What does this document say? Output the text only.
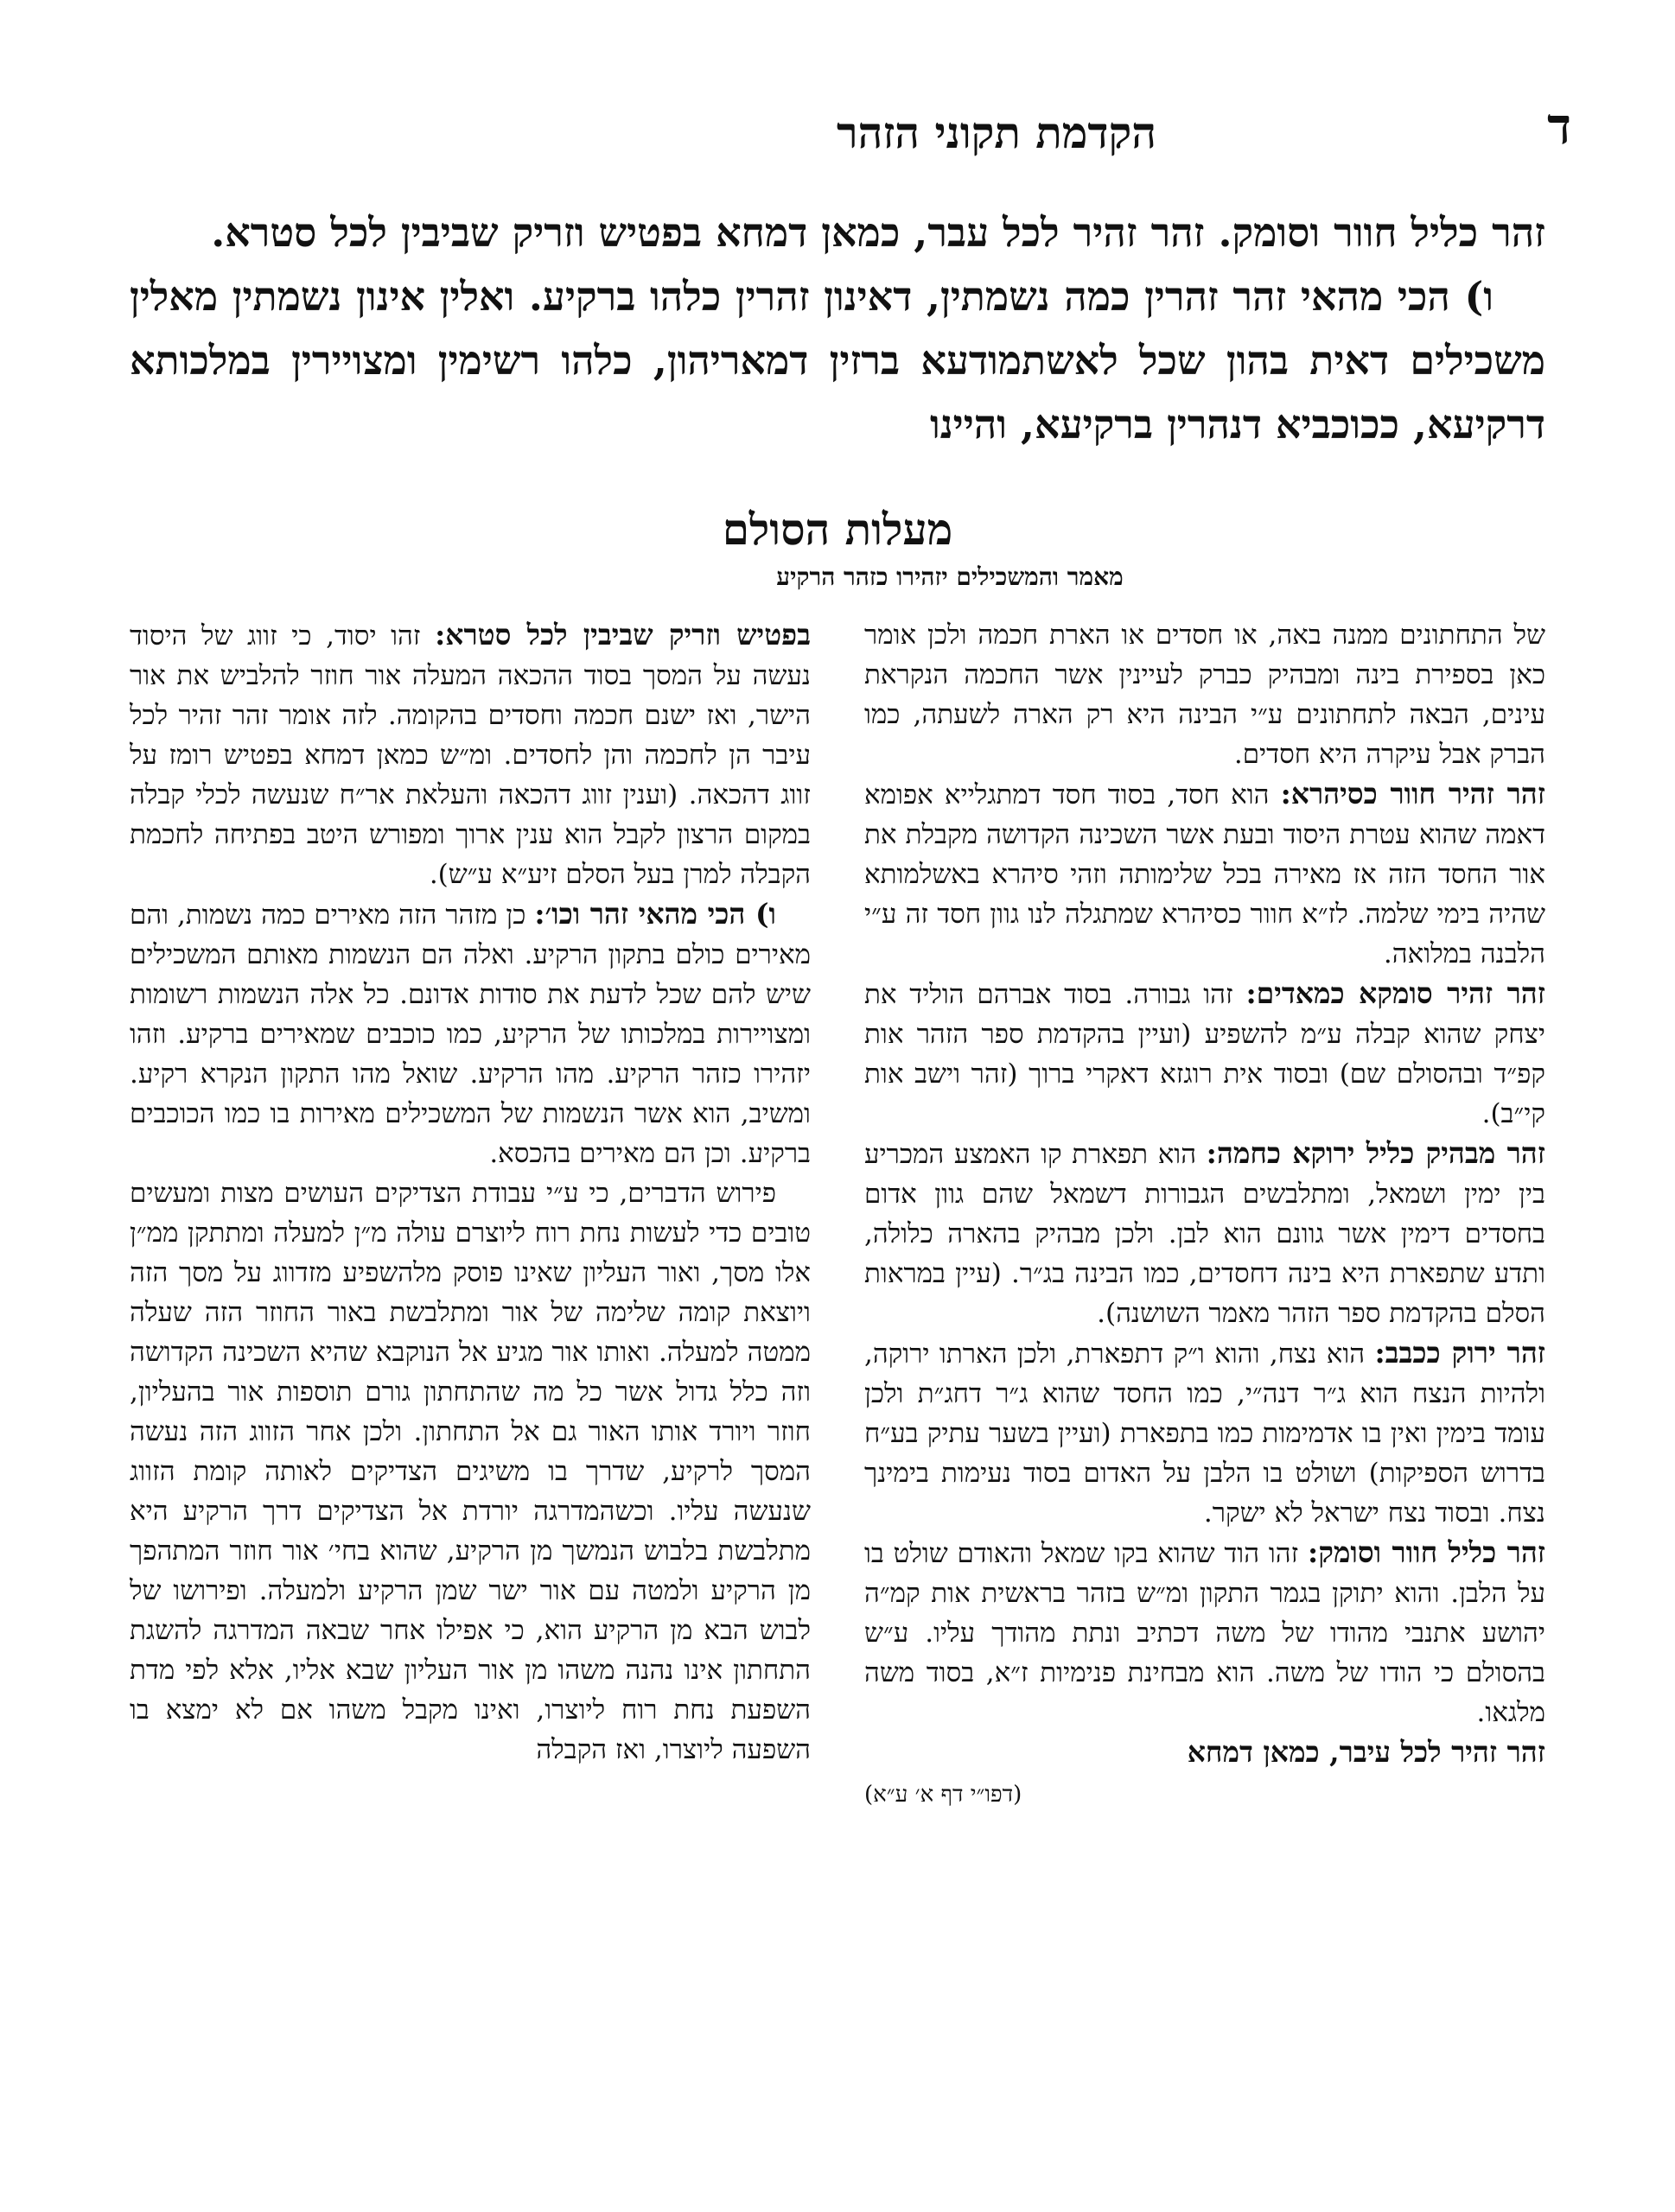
ד
הקדמת תקוני הזהר

זהר כליל חוור וסומק. זהר זהיר לכל עבר, כמאן דמחא בפטיש וזריק שביבין לכל סטרא.

ו) הכי מהאי זהר זהרין כמה נשמתין, דאינון זהרין כלהו ברקיע. ואלין אינון נשמתין מאלין משכילים דאית בהון שכל לאשתמודעא ברזין דמאריהון, כלהו רשימין ומצויירין במלכותא דרקיעא, ככוכביא דנהרין ברקיעא, והיינו

מעלות הסולם
מאמר והמשכילים יזהירו כזהר הרקיע

של התחתונים ממנה באה, או חסדים או הארת חכמה ולכן אומר כאן בספירת בינה ומבהיק כברק לעיינין אשר החכמה הנקראת עינים, הבאה לתחתונים ע״י הבינה היא רק הארה לשעתה, כמו הברק אבל עיקרה היא חסדים.

זהר זהיר חוור כסיהרא: הוא חסד, בסוד חסד דמתגלייא אפומא דאמה שהוא עטרת היסוד ובעת אשר השכינה הקדושה מקבלת את אור החסד הזה אז מאירה בכל שלימותה וזהי סיהרא באשלמותא שהיה בימי שלמה. לז״א חוור כסיהרא שמתגלה לנו גוון חסד זה ע״י הלבנה במלואה.

זהר זהיר סומקא כמאדים: זהו גבורה. בסוד אברהם הוליד את יצחק שהוא קבלה ע״מ להשפיע (ועיין בהקדמת ספר הזהר אות קפ״ד ובהסולם שם) ובסוד אית רוגזא דאקרי ברוך (זהר וישב אות קי״ב).

זהר מבהיק כליל ירוקא כחמה: הוא תפארת קו האמצע המכריע בין ימין ושמאל, ומתלבשים הגבורות דשמאל שהם גוון אדום בחסדים דימין אשר גוונם הוא לבן. ולכן מבהיק בהארה כלולה, ותדע שתפארת היא בינה דחסדים, כמו הבינה בג״ר. (עיין במראות הסלם בהקדמת ספר הזהר מאמר השושנה).

זהר ירוק ככבב: הוא נצח, והוא ו״ק דתפארת, ולכן הארתו ירוקה, ולהיות הנצח הוא ג״ר דנה״י, כמו החסד שהוא ג״ר דחג״ת ולכן עומד בימין ואין בו אדמימות כמו בתפארת (ועיין בשער עתיק בע״ח בדרוש הספיקות) ושולט בו הלבן על האדום בסוד נעימות בימינך נצח. ובסוד נצח ישראל לא ישקר.

זהר כליל חוור וסומק: זהו הוד שהוא בקו שמאל והאודם שולט בו על הלבן. והוא יתוקן בגמר התקון ומ״ש בזהר בראשית אות קמ״ה יהושע אתנבי מהודו של משה דכתיב ונתת מהודך עליו. ע״ש בהסולם כי הודו של משה. הוא מבחינת פנימיות ז״א, בסוד משה מלגאו.

זהר זהיר לכל עיבר, כמאן דמחא

(דפו״י דף א׳ ע״א)

בפטיש וזריק שביבין לכל סטרא: זהו יסוד, כי זווג של היסוד נעשה על המסך בסוד ההכאה המעלה אור חוזר להלביש את אור הישר, ואז ישנם חכמה וחסדים בהקומה. לזה אומר זהר זהיר לכל עיבר הן לחכמה והן לחסדים. ומ״ש כמאן דמחא בפטיש רומז על זווג דהכאה. (וענין זווג דהכאה והעלאת אר״ח שנעשה לכלי קבלה במקום הרצון לקבל הוא ענין ארוך ומפורש היטב בפתיחה לחכמת הקבלה למרן בעל הסלם זיע״א ע״ש).

ו) הכי מהאי זהר וכו׳: כן מזהר הזה מאירים כמה נשמות, והם מאירים כולם בתקון הרקיע. ואלה הם הנשמות מאותם המשכילים שיש להם שכל לדעת את סודות אדונם. כל אלה הנשמות רשומות ומצויירות במלכותו של הרקיע, כמו כוכבים שמאירים ברקיע. וזהו יזהירו כזהר הרקיע. מהו הרקיע. שואל מהו התקון הנקרא רקיע. ומשיב, הוא אשר הנשמות של המשכילים מאירות בו כמו הכוכבים ברקיע. וכן הם מאירים בהכסא.

פירוש הדברים, כי ע״י עבודת הצדיקים העושים מצות ומעשים טובים כדי לעשות נחת רוח ליוצרם עולה מ״ן למעלה ומתתקן ממ״ן אלו מסך, ואור העליון שאינו פוסק מלהשפיע מזדווג על מסך הזה ויוצאת קומה שלימה של אור ומתלבשת באור החוזר הזה שעלה ממטה למעלה. ואותו אור מגיע אל הנוקבא שהיא השכינה הקדושה וזה כלל גדול אשר כל מה שהתחתון גורם תוספות אור בהעליון, חוזר ויורד אותו האור גם אל התחתון. ולכן אחר הזווג הזה נעשה המסך לרקיע, שדרך בו משיגים הצדיקים לאותה קומת הזווג שנעשה עליו. וכשהמדרגה יורדת אל הצדיקים דרך הרקיע היא מתלבשת בלבוש הנמשך מן הרקיע, שהוא בחי׳ אור חוזר המתהפך מן הרקיע ולמטה עם אור ישר שמן הרקיע ולמעלה. ופירושו של לבוש הבא מן הרקיע הוא, כי אפילו אחר שבאה המדרגה להשגת התחתון אינו נהנה משהו מן אור העליון שבא אליו, אלא לפי מדת השפעת נחת רוח ליוצרו, ואינו מקבל משהו אם לא ימצא בו השפעה ליוצרו, ואז הקבלה
